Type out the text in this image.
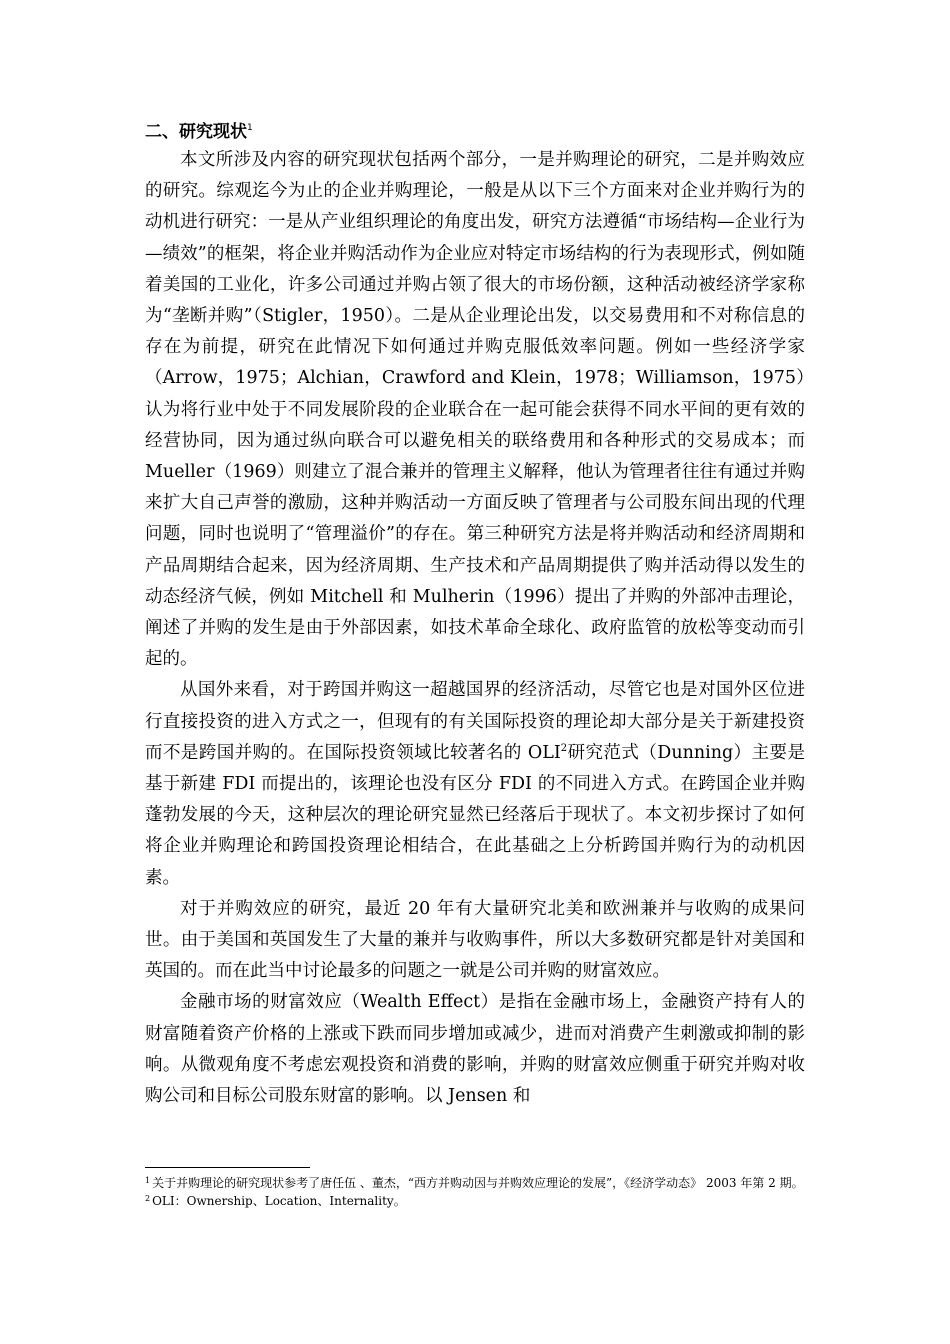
二、研究现状$^1$

本文所涉及内容的研究现状包括两个部分，一是并购理论的研究，二是并购效应的研究。综观迄今为止的企业并购理论，一般是从以下三个方面来对企业并购行为的动机进行研究：一是从产业组织理论的角度出发，研究方法遵循“市场结构—企业行为—绩效”的框架，将企业并购活动作为企业应对特定市场结构的行为表现形式，例如随着美国的工业化，许多公司通过并购占领了很大的市场份额，这种活动被经济学家称为“垄断并购”（Stigler，1950）。二是从企业理论出发，以交易费用和不对称信息的存在为前提，研究在此情况下如何通过并购克服低效率问题。例如一些经济学家（Arrow，1975；Alchian，Crawford and Klein，1978；Williamson，1975）认为将行业中处于不同发展阶段的企业联合在一起可能会获得不同水平间的更有效的经营协同，因为通过纵向联合可以避免相关的联络费用和各种形式的交易成本；而Mueller（1969）则建立了混合兼并的管理主义解释，他认为管理者往往有通过并购来扩大自己声誉的激励，这种并购活动一方面反映了管理者与公司股东间出现的代理问题，同时也说明了“管理溢价”的存在。第三种研究方法是将并购活动和经济周期和产品周期结合起来，因为经济周期、生产技术和产品周期提供了购并活动得以发生的动态经济气候，例如 Mitchell 和 Mulherin（1996）提出了并购的外部冲击理论，阐述了并购的发生是由于外部因素，如技术革命全球化、政府监管的放松等变动而引起的。

从国外来看，对于跨国并购这一超越国界的经济活动，尽管它也是对国外区位进行直接投资的进入方式之一，但现有的有关国际投资的理论却大部分是关于新建投资而不是跨国并购的。在国际投资领域比较著名的 OLI$^2$研究范式（Dunning）主要是基于新建 FDI 而提出的，该理论也没有区分 FDI 的不同进入方式。在跨国企业并购蓬勃发展的今天，这种层次的理论研究显然已经落后于现状了。本文初步探讨了如何将企业并购理论和跨国投资理论相结合，在此基础之上分析跨国并购行为的动机因素。

对于并购效应的研究，最近 20 年有大量研究北美和欧洲兼并与收购的成果问世。由于美国和英国发生了大量的兼并与收购事件，所以大多数研究都是针对美国和英国的。而在此当中讨论最多的问题之一就是公司并购的财富效应。

金融市场的财富效应（Wealth Effect）是指在金融市场上，金融资产持有人的财富随着资产价格的上涨或下跌而同步增加或减少，进而对消费产生刺激或抑制的影响。从微观角度不考虑宏观投资和消费的影响，并购的财富效应侧重于研究并购对收购公司和目标公司股东财富的影响。以 Jensen 和

$^1$ 关于并购理论的研究现状参考了唐任伍 、董杰，“西方并购动因与并购效应理论的发展”，《经济学动态》 2003 年第 2 期。

$^2$ OLI：Ownership、Location、Internality。
